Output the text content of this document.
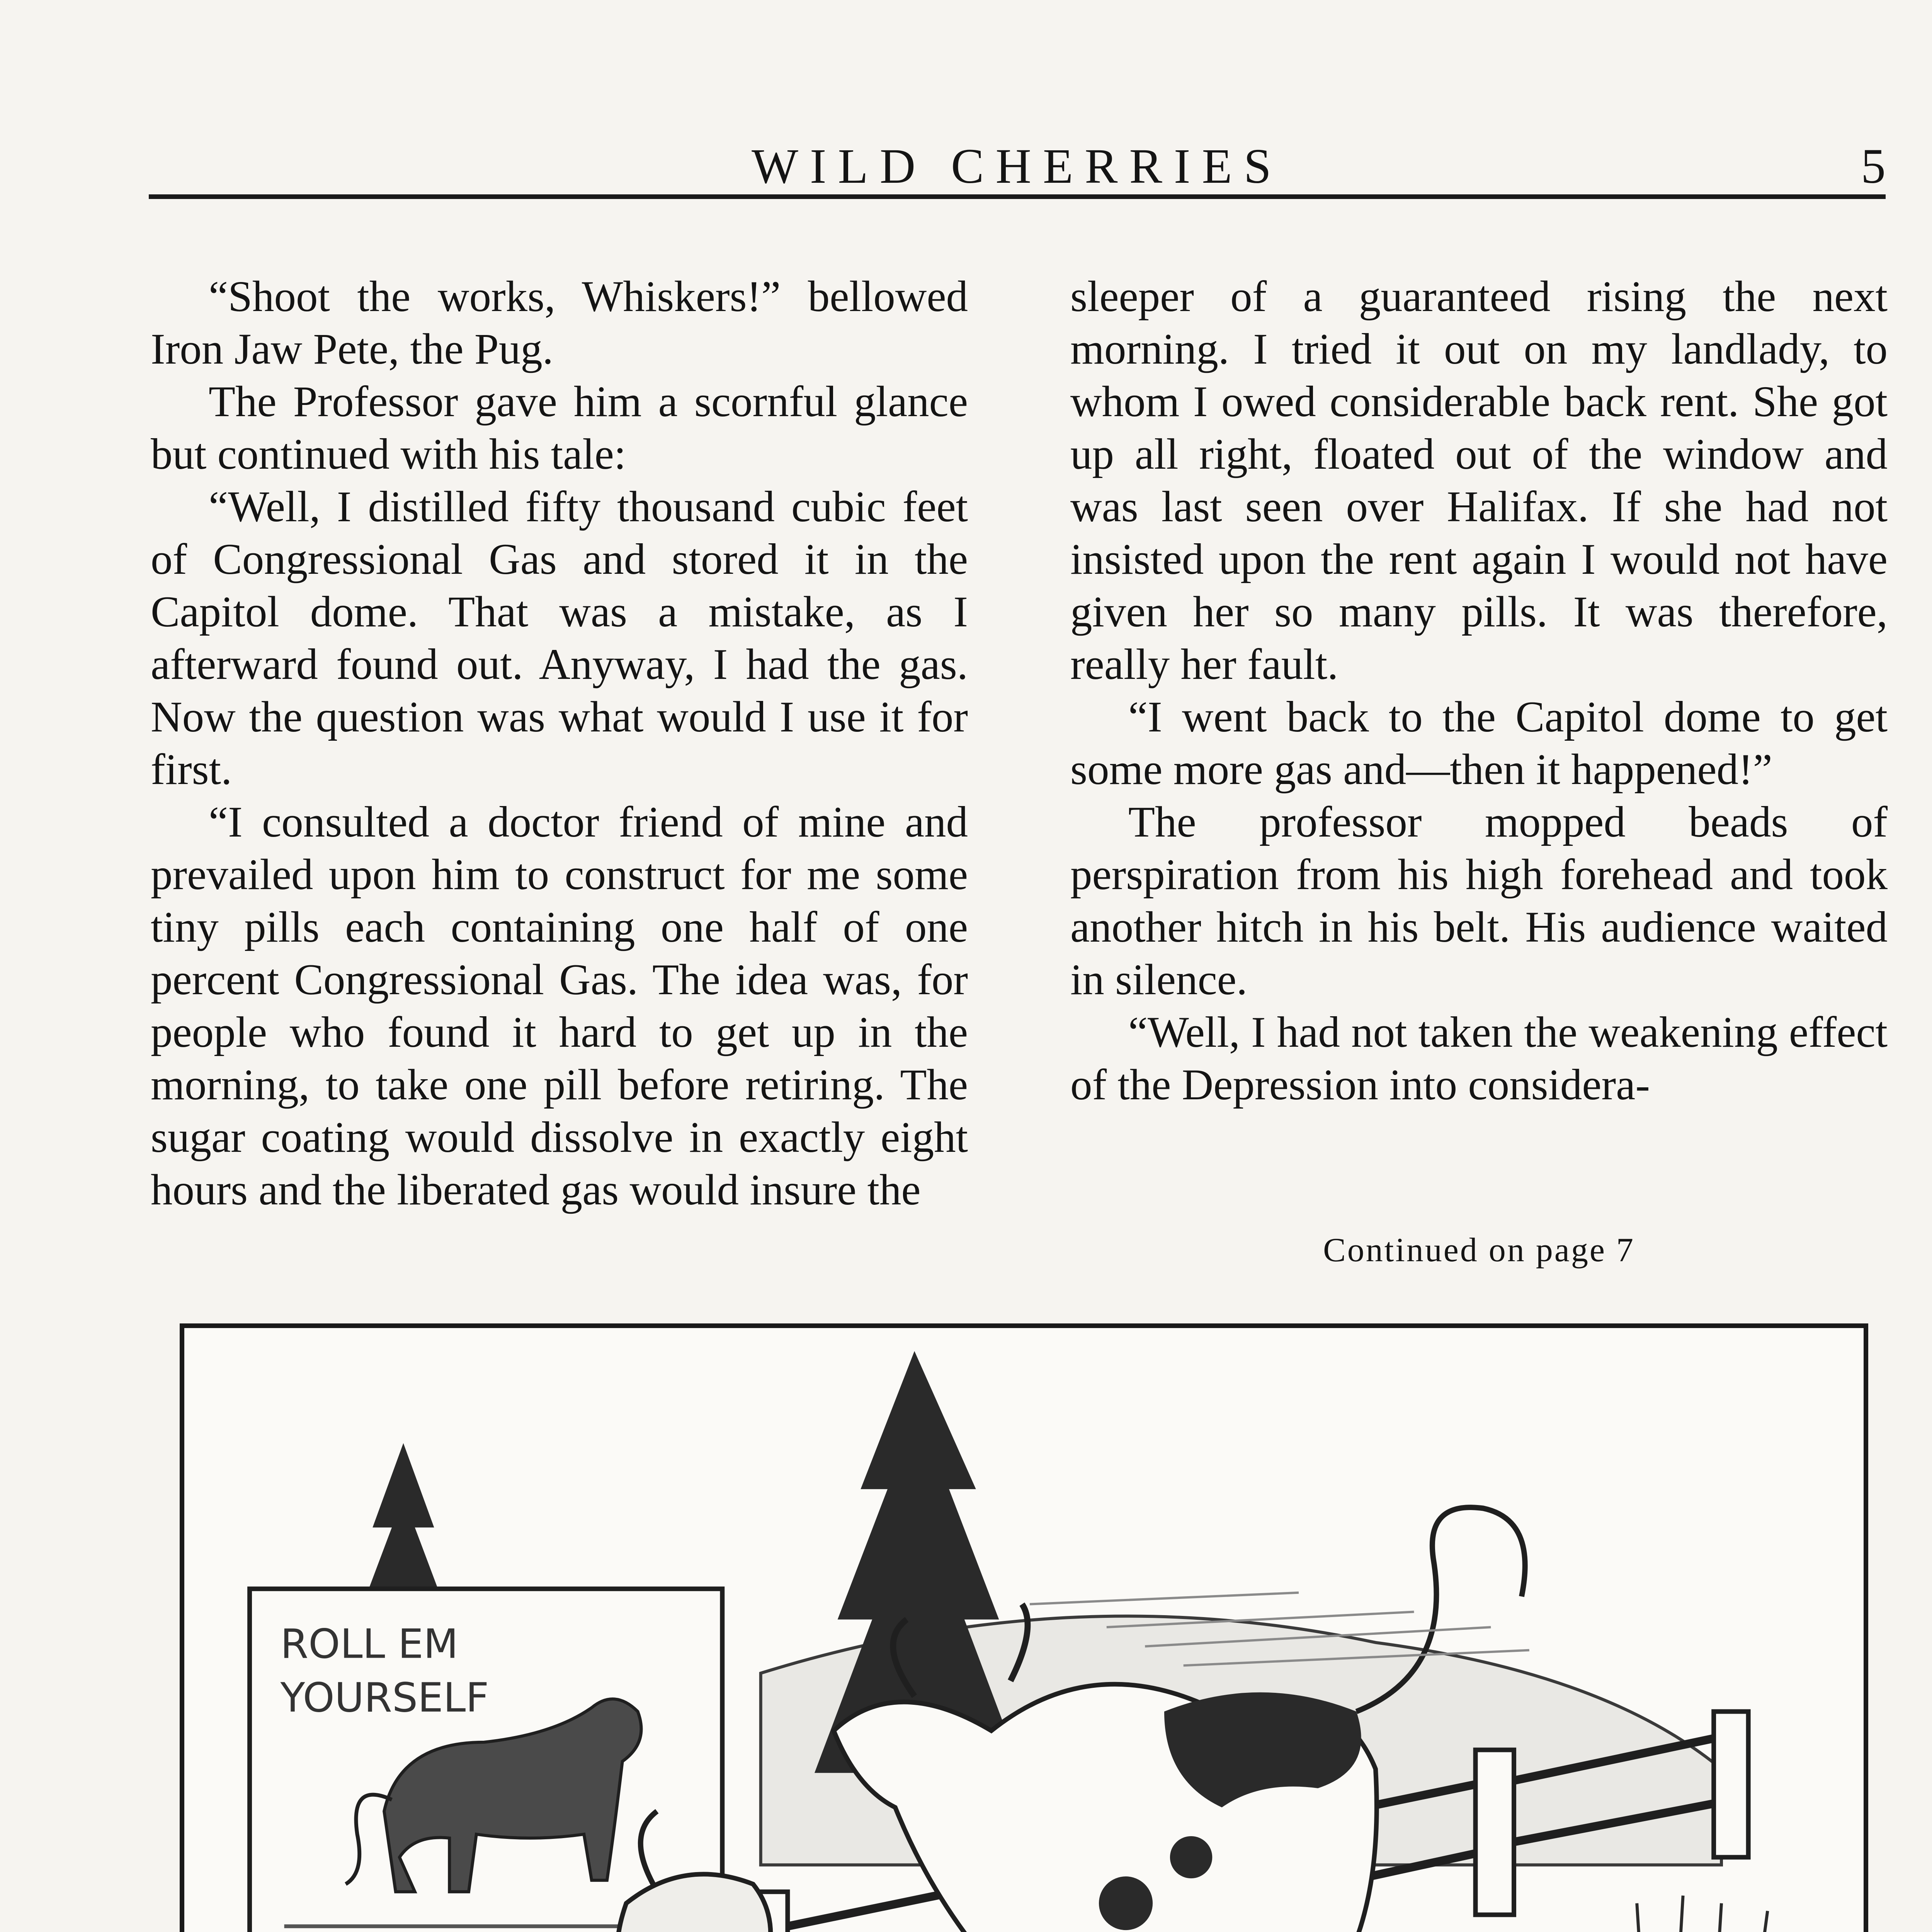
WILD CHERRIES	5

“Shoot the works, Whiskers!” bellowed Iron Jaw Pete, the Pug.

The Professor gave him a scornful glance but continued with his tale:

“Well, I distilled fifty thousand cubic feet of Congressional Gas and stored it in the Capitol dome. That was a mistake, as I afterward found out. Anyway, I had the gas. Now the question was what would I use it for first.

“I consulted a doctor friend of mine and prevailed upon him to construct for me some tiny pills each containing one half of one percent Congressional Gas. The idea was, for people who found it hard to get up in the morning, to take one pill before retiring. The sugar coating would dissolve in exactly eight hours and the liberated gas would insure the

sleeper of a guaranteed rising the next morning. I tried it out on my landlady, to whom I owed considerable back rent. She got up all right, floated out of the window and was last seen over Halifax. If she had not insisted upon the rent again I would not have given her so many pills. It was therefore, really her fault.

“I went back to the Capitol dome to get some more gas and—then it happened!”

The professor mopped beads of perspiration from his high forehead and took another hitch in his belt. His audience waited in silence.

“Well, I had not taken the weakening effect of the Depression into considera-

Continued on page 7
ROLL EM
YOURSELF
